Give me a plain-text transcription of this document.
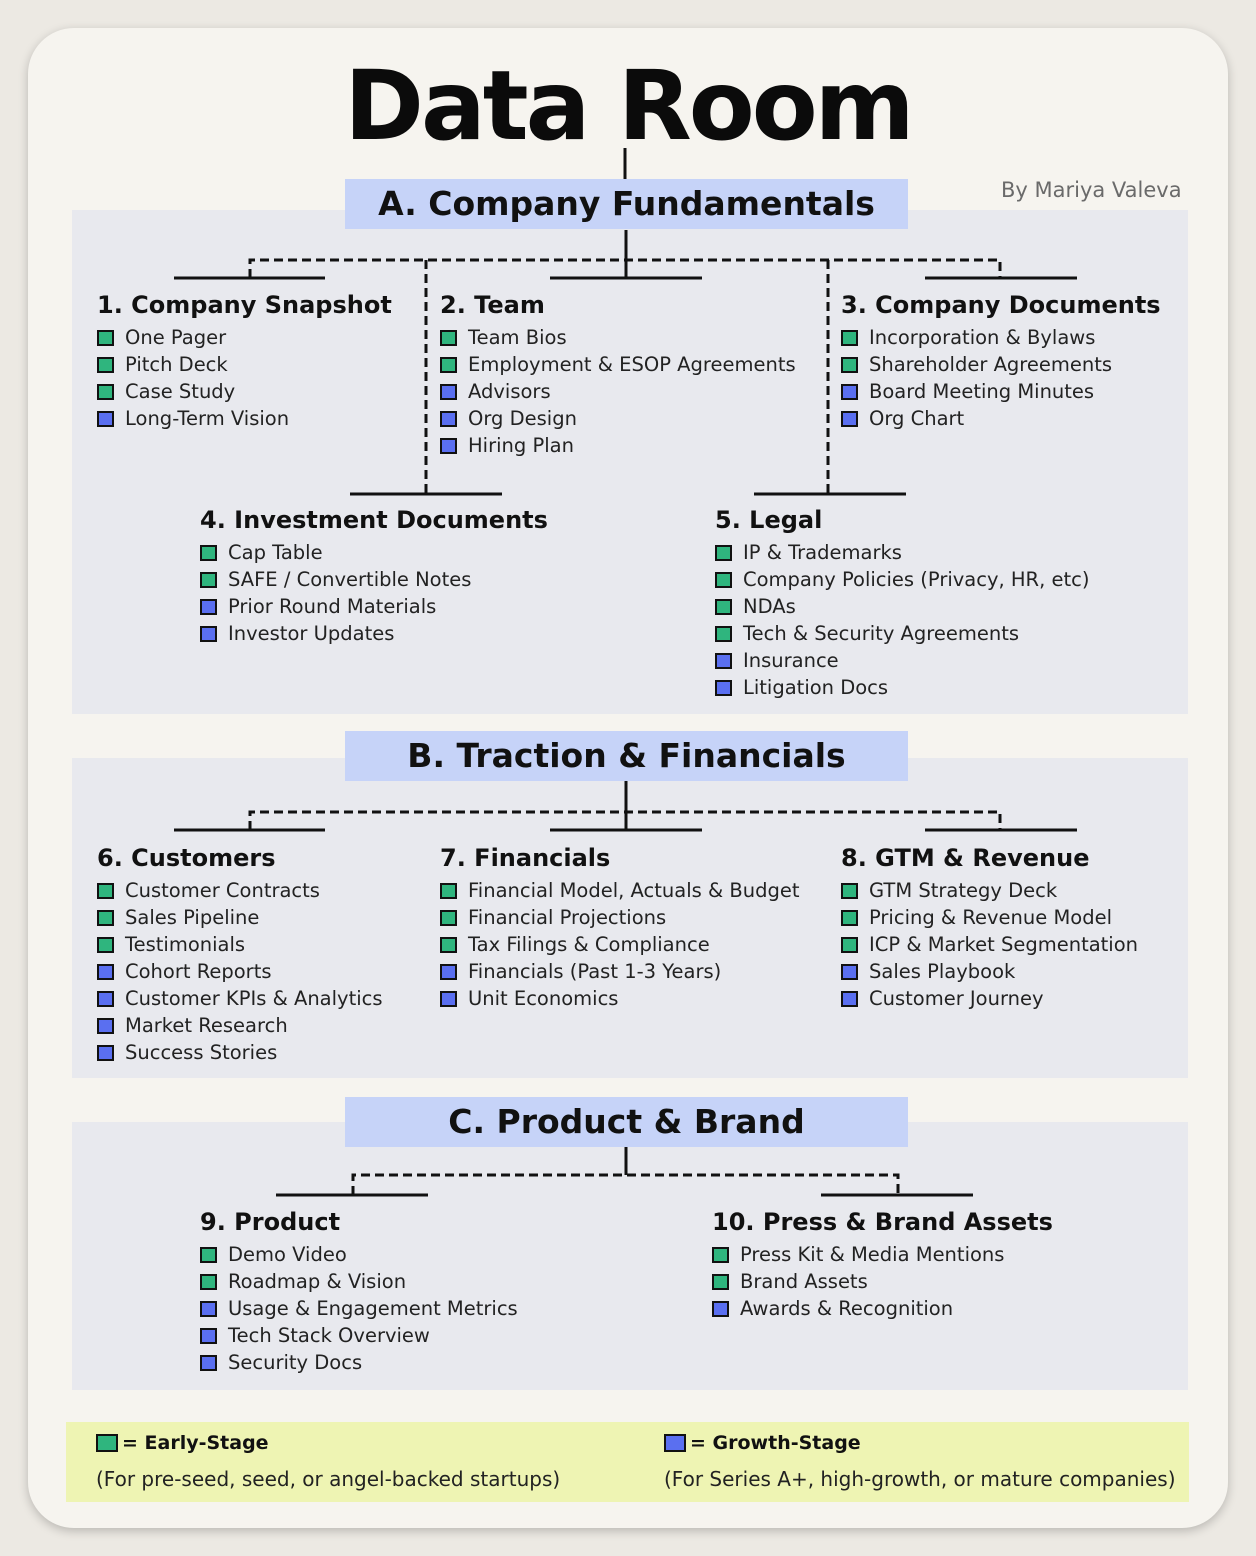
Data Room
By Mariya Valeva
A. Company Fundamentals
B. Traction & Financials
C. Product & Brand
1. Company Snapshot
One Pager
Pitch Deck
Case Study
Long-Term Vision
2. Team
Team Bios
Employment & ESOP Agreements
Advisors
Org Design
Hiring Plan
3. Company Documents
Incorporation & Bylaws
Shareholder Agreements
Board Meeting Minutes
Org Chart
4. Investment Documents
Cap Table
SAFE / Convertible Notes
Prior Round Materials
Investor Updates
5. Legal
IP & Trademarks
Company Policies (Privacy, HR, etc)
NDAs
Tech & Security Agreements
Insurance
Litigation Docs
6. Customers
Customer Contracts
Sales Pipeline
Testimonials
Cohort Reports
Customer KPIs & Analytics
Market Research
Success Stories
7. Financials
Financial Model, Actuals & Budget
Financial Projections
Tax Filings & Compliance
Financials (Past 1-3 Years)
Unit Economics
8. GTM & Revenue
GTM Strategy Deck
Pricing & Revenue Model
ICP & Market Segmentation
Sales Playbook
Customer Journey
9. Product
Demo Video
Roadmap & Vision
Usage & Engagement Metrics
Tech Stack Overview
Security Docs
10. Press & Brand Assets
Press Kit & Media Mentions
Brand Assets
Awards & Recognition
= Early-Stage
(For pre-seed, seed, or angel-backed startups)
= Growth-Stage
(For Series A+, high-growth, or mature companies)
